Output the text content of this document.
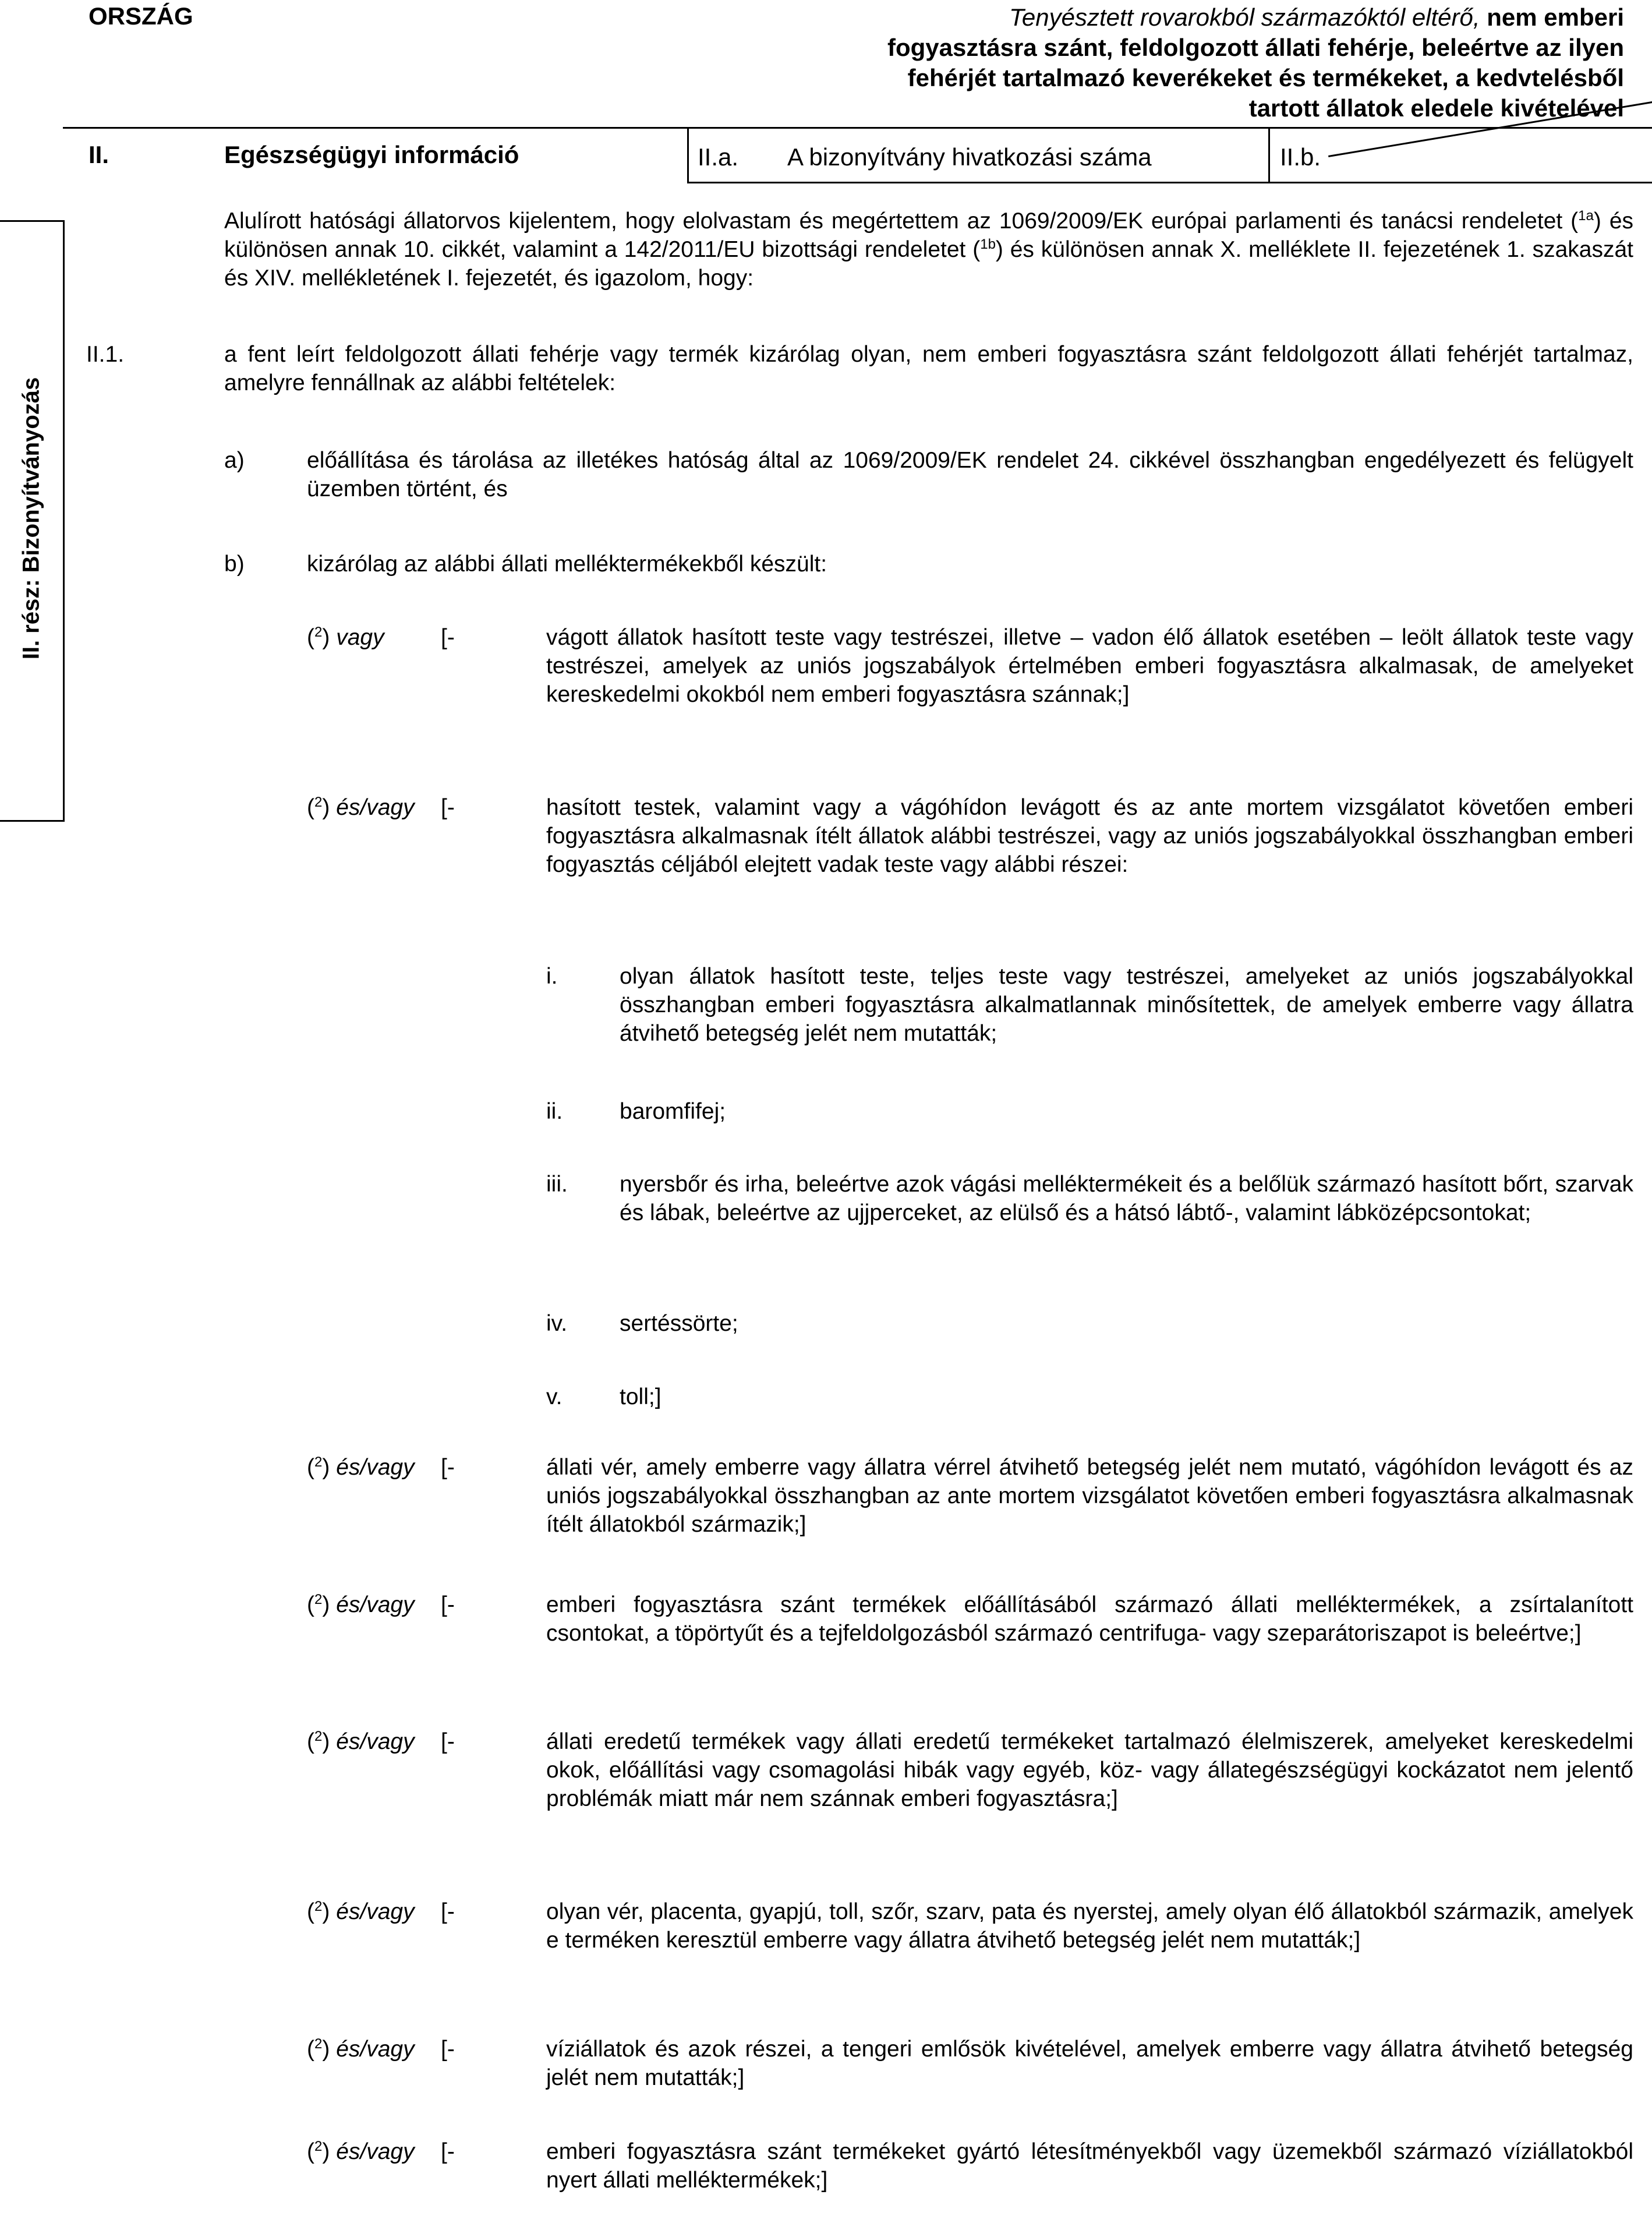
ORSZÁG	Tenyésztett rovarokból származóktól eltérő, nem emberi fogyasztásra szánt, feldolgozott állati fehérje, beleértve az ilyen fehérjét tartalmazó keverékeket és termékeket, a kedvtelésből tartott állatok eledele kivételével
II.	Egészségügyi információ	II.a. A bizonyítvány hivatkozási száma	II.b.
II. rész: Bizonyítványozás
Alulírott hatósági állatorvos kijelentem, hogy elolvastam és megértettem az 1069/2009/EK európai parlamenti és tanácsi rendeletet ($^{1a}$) és különösen annak 10. cikkét, valamint a 142/2011/EU bizottsági rendeletet ($^{1b}$) és különösen annak X. melléklete II. fejezetének 1. szakaszát és XIV. mellékletének I. fejezetét, és igazolom, hogy:
II.1.	a fent leírt feldolgozott állati fehérje vagy termék kizárólag olyan, nem emberi fogyasztásra szánt feldolgozott állati fehérjét tartalmaz, amelyre fennállnak az alábbi feltételek:
a)	előállítása és tárolása az illetékes hatóság által az 1069/2009/EK rendelet 24. cikkével összhangban engedélyezett és felügyelt üzemben történt, és
b)	kizárólag az alábbi állati melléktermékekből készült:
($^2$) vagy [-	vágott állatok hasított teste vagy testrészei, illetve – vadon élő állatok esetében – leölt állatok teste vagy testrészei, amelyek az uniós jogszabályok értelmében emberi fogyasztásra alkalmasak, de amelyeket kereskedelmi okokból nem emberi fogyasztásra szánnak;]
($^2$) és/vagy [-	hasított testek, valamint vagy a vágóhídon levágott és az ante mortem vizsgálatot követően emberi fogyasztásra alkalmasnak ítélt állatok alábbi testrészei, vagy az uniós jogszabályokkal összhangban emberi fogyasztás céljából elejtett vadak teste vagy alábbi részei:
i.	olyan állatok hasított teste, teljes teste vagy testrészei, amelyeket az uniós jogszabályokkal összhangban emberi fogyasztásra alkalmatlannak minősítettek, de amelyek emberre vagy állatra átvihető betegség jelét nem mutatták;
ii.	baromfifej;
iii. nyersbőr és irha, beleértve azok vágási melléktermékeit és a belőlük származó hasított bőrt, szarvak és lábak, beleértve az ujjperceket, az elülső és a hátsó lábtő-, valamint lábközépcsontokat;
iv. sertéssörte;
v.	toll;]
($^2$) és/vagy [-	állati vér, amely emberre vagy állatra vérrel átvihető betegség jelét nem mutató, vágóhídon levágott és az uniós jogszabályokkal összhangban az ante mortem vizsgálatot követően emberi fogyasztásra alkalmasnak ítélt állatokból származik;]
($^2$) és/vagy [-	emberi fogyasztásra szánt termékek előállításából származó állati melléktermékek, a zsírtalanított csontokat, a töpörtyűt és a tejfeldolgozásból származó centrifuga- vagy szeparátoriszapot is beleértve;]
($^2$) és/vagy [-	állati eredetű termékek vagy állati eredetű termékeket tartalmazó élelmiszerek, amelyeket kereskedelmi okok, előállítási vagy csomagolási hibák vagy egyéb, köz- vagy állategészségügyi kockázatot nem jelentő problémák miatt már nem szánnak emberi fogyasztásra;]
($^2$) és/vagy [-	olyan vér, placenta, gyapjú, toll, szőr, szarv, pata és nyerstej, amely olyan élő állatokból származik, amelyek e terméken keresztül emberre vagy állatra átvihető betegség jelét nem mutatták;]
($^2$) és/vagy [-	víziállatok és azok részei, a tengeri emlősök kivételével, amelyek emberre vagy állatra átvihető betegség jelét nem mutatták;]
($^2$) és/vagy [-	emberi fogyasztásra szánt termékeket gyártó létesítményekből vagy üzemekből származó víziállatokból nyert állati melléktermékek;]
